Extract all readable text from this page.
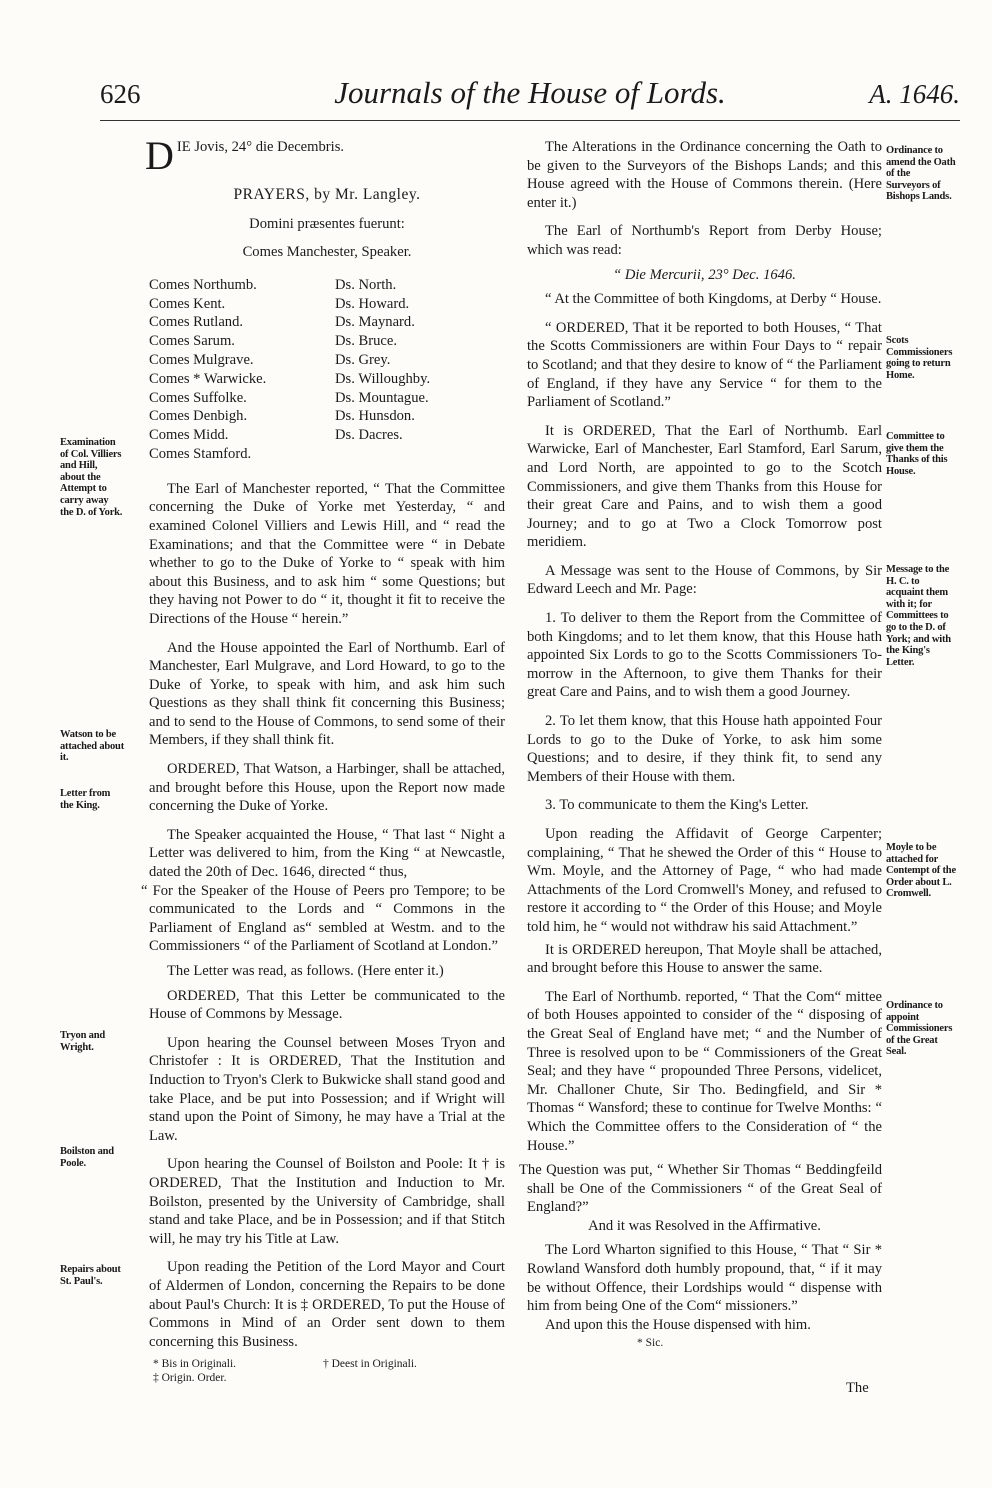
626	Journals of the House of Lords.	A. 1646.
Examination of Col. Villiers and Hill, about the Attempt to carry away the D. of York.
Watson to be attached about it.
Letter from the King.
Tryon and Wright.
Boilston and Poole.
Repairs about St. Paul's.
Ordinance to amend the Oath of the Surveyors of Bishops Lands.
Scots Commissioners going to return Home.
Committee to give them the Thanks of this House.
Message to the H. C. to acquaint them with it; for Committees to go to the D. of York; and with the King's Letter.
Moyle to be attached for Contempt of the Order about L. Cromwell.
Ordinance to appoint Commissioners of the Great Seal.

DIE Jovis, 24° die Decembris.

PRAYERS, by Mr. Langley.

Domini præsentes fuerunt:

Comes Manchester, Speaker.

Comes Northumb.
Comes Kent.
Comes Rutland.
Comes Sarum.
Comes Mulgrave.
Comes * Warwicke.
Comes Suffolke.
Comes Denbigh.
Comes Midd.
Comes Stamford.
Ds. North.
Ds. Howard.
Ds. Maynard.
Ds. Bruce.
Ds. Grey.
Ds. Willoughby.
Ds. Mountague.
Ds. Hunsdon.
Ds. Dacres.

The Earl of Manchester reported, “ That the Committee concerning the Duke of Yorke met Yesterday, “ and examined Colonel Villiers and Lewis Hill, and “ read the Examinations; and that the Committee were “ in Debate whether to go to the Duke of Yorke to “ speak with him about this Business, and to ask him “ some Questions; but they having not Power to do “ it, thought it fit to receive the Directions of the House “ herein.”

And the House appointed the Earl of Northumb. Earl of Manchester, Earl Mulgrave, and Lord Howard, to go to the Duke of Yorke, to speak with him, and ask him such Questions as they shall think fit concerning this Business; and to send to the House of Commons, to send some of their Members, if they shall think fit.

ORDERED, That Watson, a Harbinger, shall be attached, and brought before this House, upon the Report now made concerning the Duke of Yorke.

The Speaker acquainted the House, “ That last “ Night a Letter was delivered to him, from the King “ at Newcastle, dated the 20th of Dec. 1646, directed “ thus,

“ For the Speaker of the House of Peers pro Tempore; to be communicated to the Lords and “ Commons in the Parliament of England as“ sembled at Westm. and to the Commissioners “ of the Parliament of Scotland at London.”

The Letter was read, as follows. (Here enter it.)

ORDERED, That this Letter be communicated to the House of Commons by Message.

Upon hearing the Counsel between Moses Tryon and Christofer : It is ORDERED, That the Institution and Induction to Tryon's Clerk to Bukwicke shall stand good and take Place, and be put into Possession; and if Wright will stand upon the Point of Simony, he may have a Trial at the Law.

Upon hearing the Counsel of Boilston and Poole: It † is ORDERED, That the Institution and Induction to Mr. Boilston, presented by the University of Cambridge, shall stand and take Place, and be in Possession; and if that Stitch will, he may try his Title at Law.

Upon reading the Petition of the Lord Mayor and Court of Aldermen of London, concerning the Repairs to be done about Paul's Church: It is ‡ ORDERED, To put the House of Commons in Mind of an Order sent down to them concerning this Business.

* Bis in Originali.
‡ Origin. Order.
† Deest in Originali.

The Alterations in the Ordinance concerning the Oath to be given to the Surveyors of the Bishops Lands; and this House agreed with the House of Commons therein. (Here enter it.)

The Earl of Northumb's Report from Derby House; which was read:

“ Die Mercurii, 23° Dec. 1646.

“ At the Committee of both Kingdoms, at Derby “ House.

“ ORDERED, That it be reported to both Houses, “ That the Scotts Commissioners are within Four Days to “ repair to Scotland; and that they desire to know of “ the Parliament of England, if they have any Service “ for them to the Parliament of Scotland.”

It is ORDERED, That the Earl of Northumb. Earl Warwicke, Earl of Manchester, Earl Stamford, Earl Sarum, and Lord North, are appointed to go to the Scotch Commissioners, and give them Thanks from this House for their great Care and Pains, and to wish them a good Journey; and to go at Two a Clock Tomorrow post meridiem.

A Message was sent to the House of Commons, by Sir Edward Leech and Mr. Page:

1. To deliver to them the Report from the Committee of both Kingdoms; and to let them know, that this House hath appointed Six Lords to go to the Scotts Commissioners To-morrow in the Afternoon, to give them Thanks for their great Care and Pains, and to wish them a good Journey.

2. To let them know, that this House hath appointed Four Lords to go to the Duke of Yorke, to ask him some Questions; and to desire, if they think fit, to send any Members of their House with them.

3. To communicate to them the King's Letter.

Upon reading the Affidavit of George Carpenter; complaining, “ That he shewed the Order of this “ House to Wm. Moyle, and the Attorney of Page, “ who had made Attachments of the Lord Cromwell's Money, and refused to restore it according to “ the Order of this House; and Moyle told him, he “ would not withdraw his said Attachment.”

It is ORDERED hereupon, That Moyle shall be attached, and brought before this House to answer the same.

The Earl of Northumb. reported, “ That the Com“ mittee of both Houses appointed to consider of the “ disposing of the Great Seal of England have met; “ and the Number of Three is resolved upon to be “ Commissioners of the Great Seal; and they have “ propounded Three Persons, videlicet, Mr. Challoner Chute, Sir Tho. Bedingfield, and Sir * Thomas “ Wansford; these to continue for Twelve Months: “ Which the Committee offers to the Consideration of “ the House.”

The Question was put, “ Whether Sir Thomas “ Beddingfeild shall be One of the Commissioners “ of the Great Seal of England?”

And it was Resolved in the Affirmative.

The Lord Wharton signified to this House, “ That “ Sir * Rowland Wansford doth humbly propound, that, “ if it may be without Offence, their Lordships would “ dispense with him from being One of the Com“ missioners.”

And upon this the House dispensed with him.

* Sic.

The
